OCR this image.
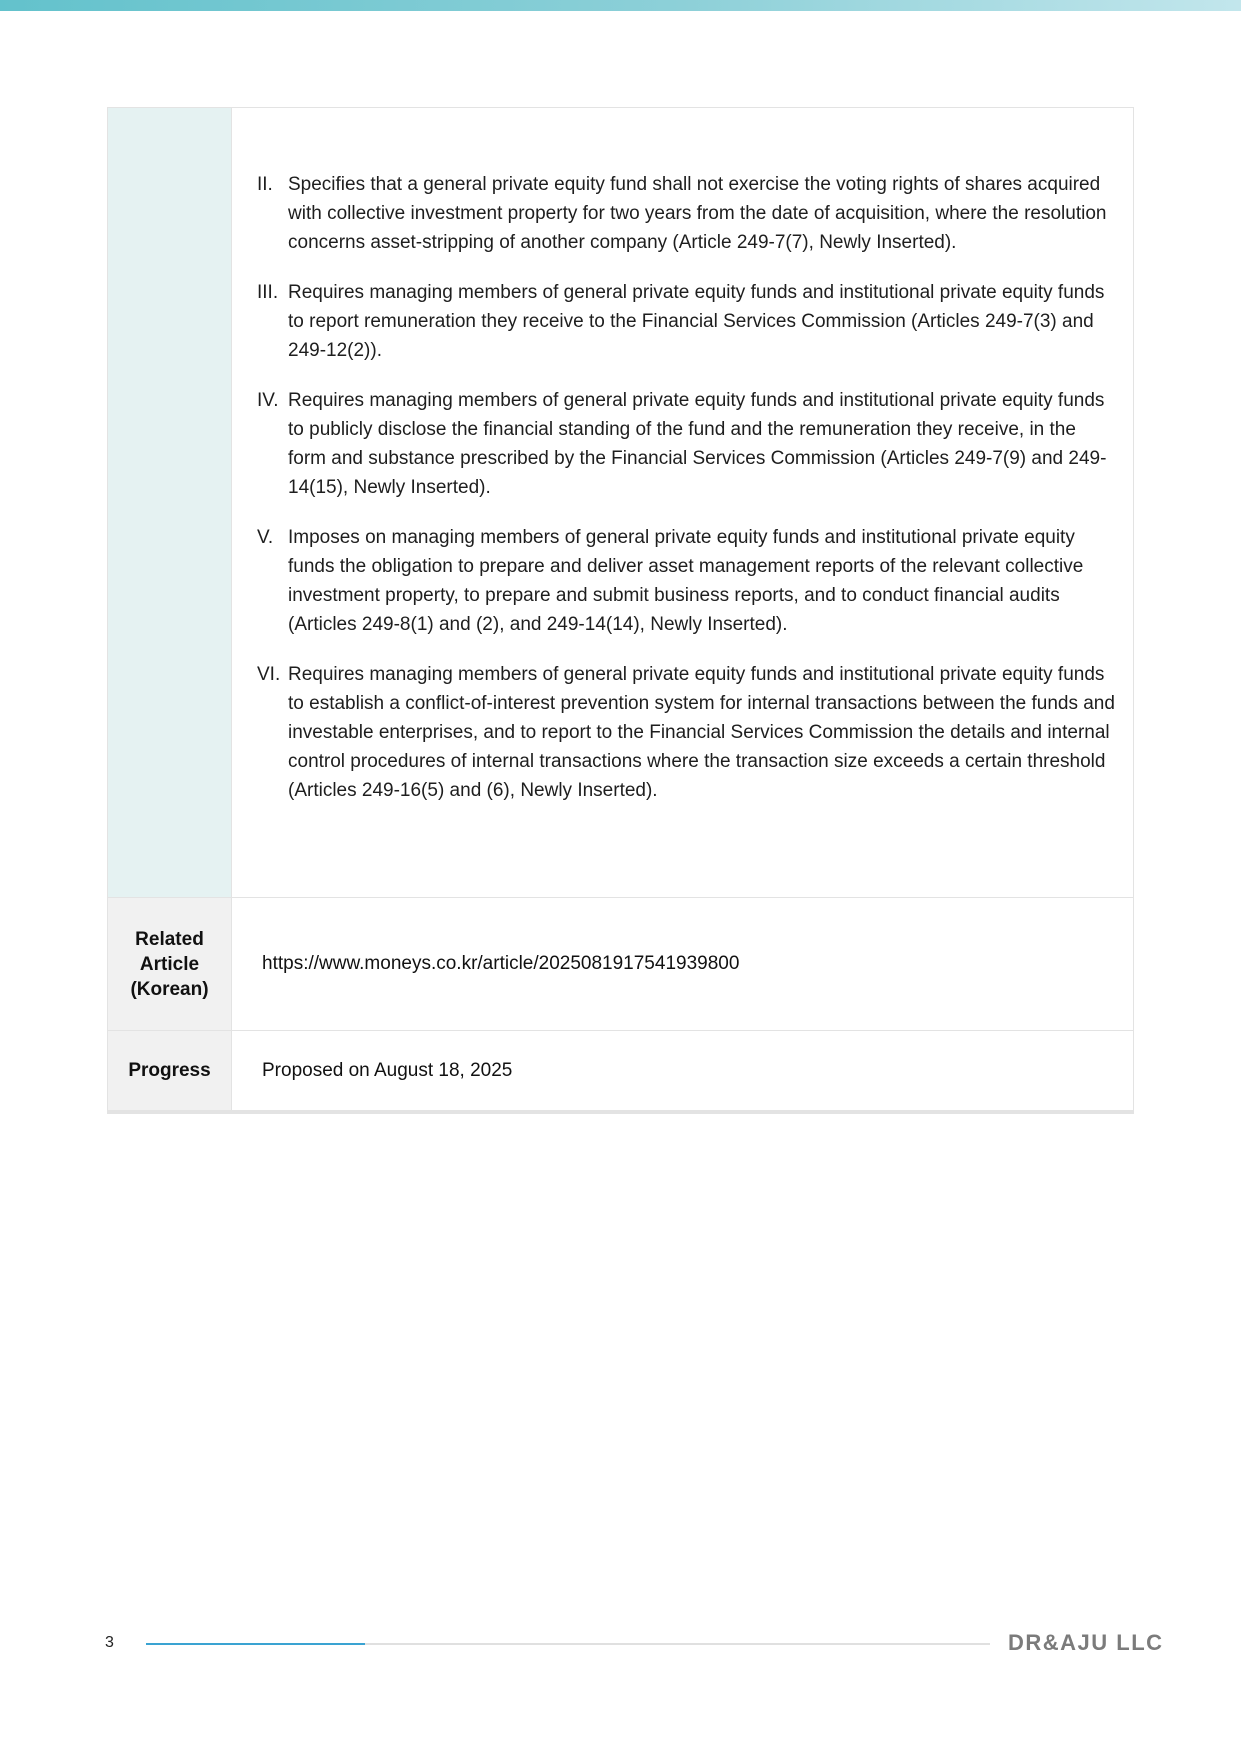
II. Specifies that a general private equity fund shall not exercise the voting rights of shares acquired with collective investment property for two years from the date of acquisition, where the resolution concerns asset-stripping of another company (Article 249-7(7), Newly Inserted).
III. Requires managing members of general private equity funds and institutional private equity funds to report remuneration they receive to the Financial Services Commission (Articles 249-7(3) and 249-12(2)).
IV. Requires managing members of general private equity funds and institutional private equity funds to publicly disclose the financial standing of the fund and the remuneration they receive, in the form and substance prescribed by the Financial Services Commission (Articles 249-7(9) and 249-14(15), Newly Inserted).
V. Imposes on managing members of general private equity funds and institutional private equity funds the obligation to prepare and deliver asset management reports of the relevant collective investment property, to prepare and submit business reports, and to conduct financial audits (Articles 249-8(1) and (2), and 249-14(14), Newly Inserted).
VI. Requires managing members of general private equity funds and institutional private equity funds to establish a conflict-of-interest prevention system for internal transactions between the funds and investable enterprises, and to report to the Financial Services Commission the details and internal control procedures of internal transactions where the transaction size exceeds a certain threshold (Articles 249-16(5) and (6), Newly Inserted).
Related
Article
(Korean)
https://www.moneys.co.kr/article/2025081917541939800
Progress	Proposed on August 18, 2025
3	DR&AJU LLC
